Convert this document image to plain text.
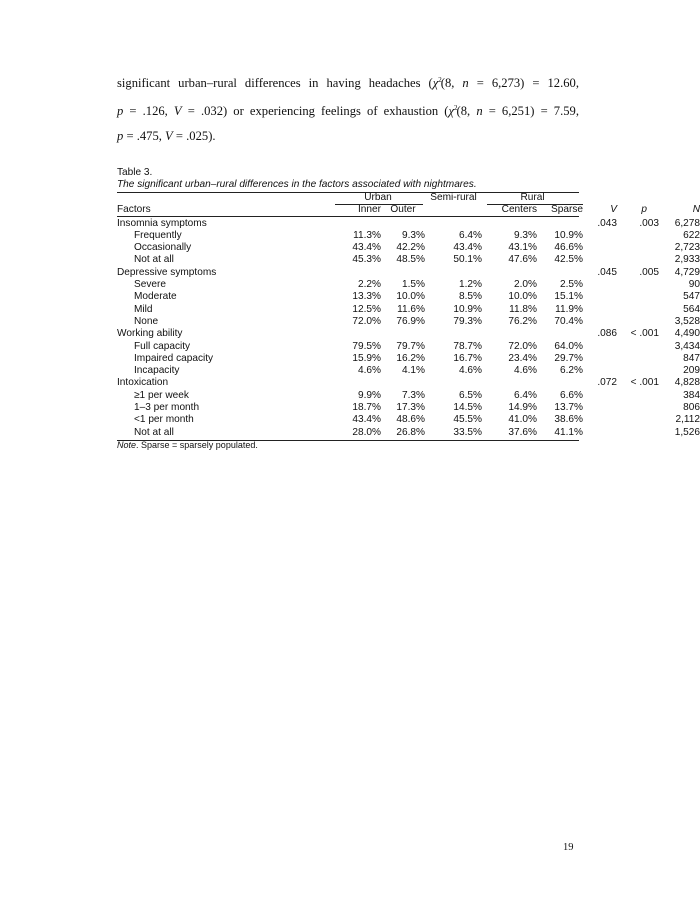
significant urban–rural differences in having headaches ($\chi^2(8$, n = 6,273) = 12.60,
p = .126, V = .032) or experiencing feelings of exhaustion ($\chi^2(8$, n = 6,251) = 7.59,
p = .475, V = .025).
Table 3.
The significant urban–rural differences in the factors associated with nightmares.
Urban	Semi-rural	Rural
Factors	Inner Outer	Centers	Sparse	V	p	N
Insomnia symptoms	.043	.003	6,278
Frequently	11.3%	9.3%	6.4%	9.3%	10.9%	622
Occasionally	43.4%	42.2%	43.4%	43.1%	46.6%	2,723
Not at all	45.3%	48.5%	50.1%	47.6%	42.5%	2,933
Depressive symptoms	.045	.005	4,729
Severe	2.2%	1.5%	1.2%	2.0%	2.5%	90
Moderate	13.3%	10.0%	8.5%	10.0%	15.1%	547
Mild	12.5%	11.6%	10.9%	11.8%	11.9%	564
None	72.0%	76.9%	79.3%	76.2%	70.4%	3,528
Working ability	.086	< .001	4,490
Full capacity	79.5%	79.7%	78.7%	72.0%	64.0%	3,434
Impaired capacity	15.9%	16.2%	16.7%	23.4%	29.7%	847
Incapacity	4.6%	4.1%	4.6%	4.6%	6.2%	209
Intoxication	.072	< .001	4,828
≥1 per week	9.9%	7.3%	6.5%	6.4%	6.6%	384
1–3 per month	18.7%	17.3%	14.5%	14.9%	13.7%	806
<1 per month	43.4%	48.6%	45.5%	41.0%	38.6%	2,112
Not at all	28.0%	26.8%	33.5%	37.6%	41.1%	1,526
Note. Sparse = sparsely populated.
19
